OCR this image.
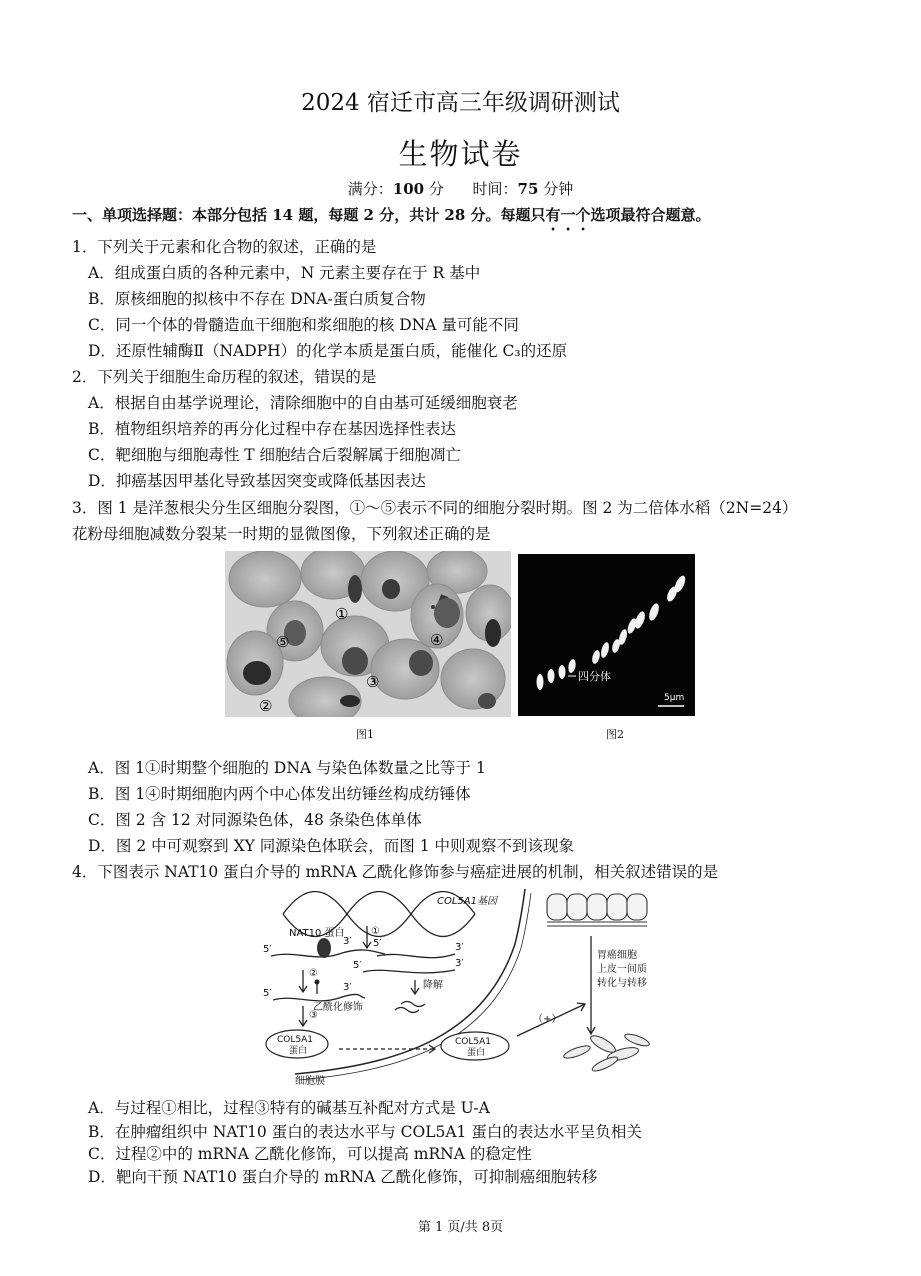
2024 宿迁市高三年级调研测试
生物试卷
满分：100 分 时间：75 分钟
一、单项选择题：本部分包括 14 题，每题 2 分，共计 28 分。每题只有一个选项最符合题意。
1．下列关于元素和化合物的叙述，正确的是
A．组成蛋白质的各种元素中，N 元素主要存在于 R 基中
B．原核细胞的拟核中不存在 DNA-蛋白质复合物
C．同一个体的骨髓造血干细胞和浆细胞的核 DNA 量可能不同
D．还原性辅酶Ⅱ（NADPH）的化学本质是蛋白质，能催化 C₃的还原
2．下列关于细胞生命历程的叙述，错误的是
A．根据自由基学说理论，清除细胞中的自由基可延缓细胞衰老
B．植物组织培养的再分化过程中存在基因选择性表达
C．靶细胞与细胞毒性 T 细胞结合后裂解属于细胞凋亡
D．抑癌基因甲基化导致基因突变或降低基因表达
3．图 1 是洋葱根尖分生区细胞分裂图，①～⑤表示不同的细胞分裂时期。图 2 为二倍体水稻（2N=24）
花粉母细胞减数分裂某一时期的显微图像，下列叙述正确的是
①
②
③
④
⑤
图1
四分体
5μm
图2
A．图 1①时期整个细胞的 DNA 与染色体数量之比等于 1
B．图 1④时期细胞内两个中心体发出纺锤丝构成纺锤体
C．图 2 含 12 对同源染色体，48 条染色体单体
D．图 2 中可观察到 XY 同源染色体联会，而图 1 中则观察不到该现象
4．下图表示 NAT10 蛋白介导的 mRNA 乙酰化修饰参与癌症进展的机制，相关叙述错误的是
COL5A1基因
NAT10 蛋白	①
②
③
5′
3′ 5′	3′
5′	3′
5′
3′
乙酰化修饰
降解
COL5A1
蛋白
COL5A1
蛋白
细胞膜
（+）
胃癌细胞
上皮一间质
转化与转移
A．与过程①相比，过程③特有的碱基互补配对方式是 U-A
B．在肿瘤组织中 NAT10 蛋白的表达水平与 COL5A1 蛋白的表达水平呈负相关
C．过程②中的 mRNA 乙酰化修饰，可以提高 mRNA 的稳定性
D．靶向干预 NAT10 蛋白介导的 mRNA 乙酰化修饰，可抑制癌细胞转移
第 1 页/共 8页
